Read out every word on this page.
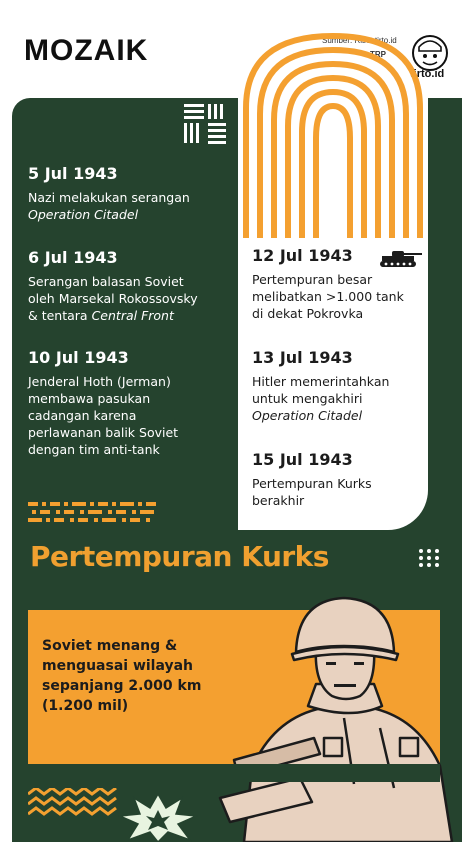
MOZAIK	Sumber: Riset tirto.id
TRP
tirto.id
5 Jul 1943
Nazi melakukan serangan
Operation Citadel
6 Jul 1943
Serangan balasan Soviet
oleh Marsekal Rokossovsky
& tentara Central Front
10 Jul 1943
Jenderal Hoth (Jerman)
membawa pasukan
cadangan karena
perlawanan balik Soviet
dengan tim anti-tank
12 Jul 1943
Pertempuran besar
melibatkan >1.000 tank
di dekat Pokrovka
13 Jul 1943
Hitler memerintahkan
untuk mengakhiri
Operation Citadel
15 Jul 1943
Pertempuran Kurks
berakhir
Pertempuran Kurks
Soviet menang &
menguasai wilayah
sepanjang 2.000 km
(1.200 mil)
